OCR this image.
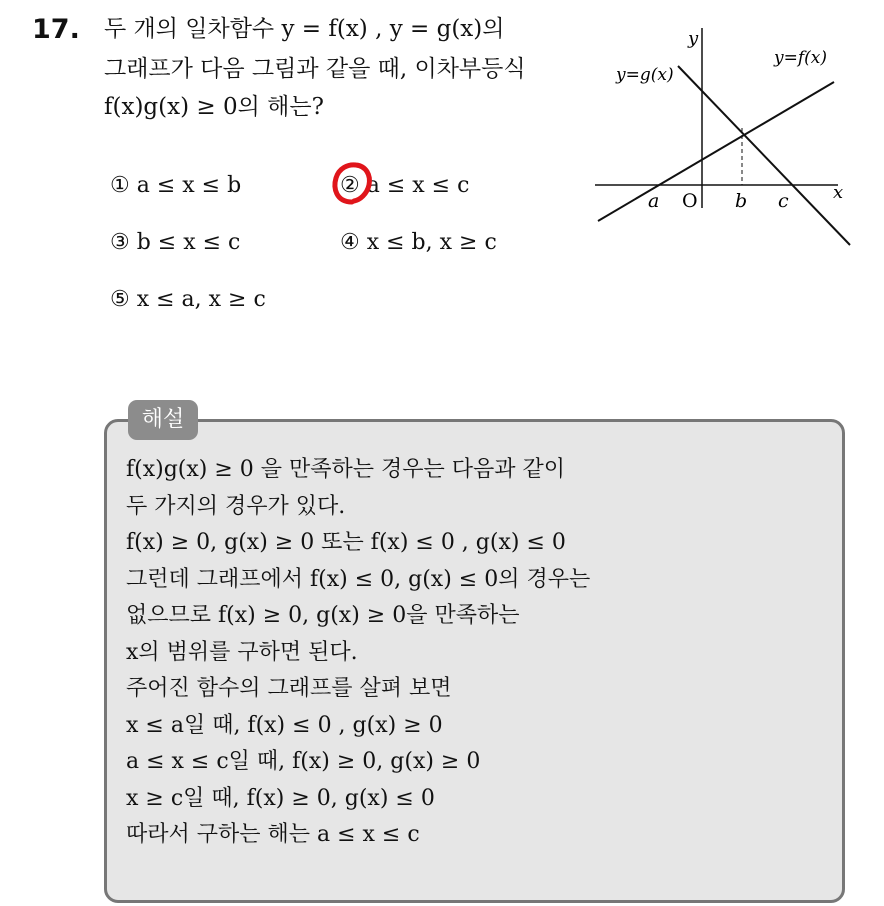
17. 두 개의 일차함수 y = f(x) , y = g(x)의
그래프가 다음 그림과 같을 때, 이차부등식
f(x)g(x) ≥ 0의 해는?
① a ≤ x ≤ b	② a ≤ x ≤ c
③ b ≤ x ≤ c	④ x ≤ b, x ≥ c
⑤ x ≤ a, x ≥ c
y
x
y=f(x)
y=g(x)
O
a	b c
해설
f(x)g(x) ≥ 0 을 만족하는 경우는 다음과 같이
두 가지의 경우가 있다.
f(x) ≥ 0, g(x) ≥ 0 또는 f(x) ≤ 0 , g(x) ≤ 0
그런데 그래프에서 f(x) ≤ 0, g(x) ≤ 0의 경우는
없으므로 f(x) ≥ 0, g(x) ≥ 0을 만족하는
x의 범위를 구하면 된다.
주어진 함수의 그래프를 살펴 보면
x ≤ a일 때, f(x) ≤ 0 , g(x) ≥ 0
a ≤ x ≤ c일 때, f(x) ≥ 0, g(x) ≥ 0
x ≥ c일 때, f(x) ≥ 0, g(x) ≤ 0
따라서 구하는 해는 a ≤ x ≤ c
